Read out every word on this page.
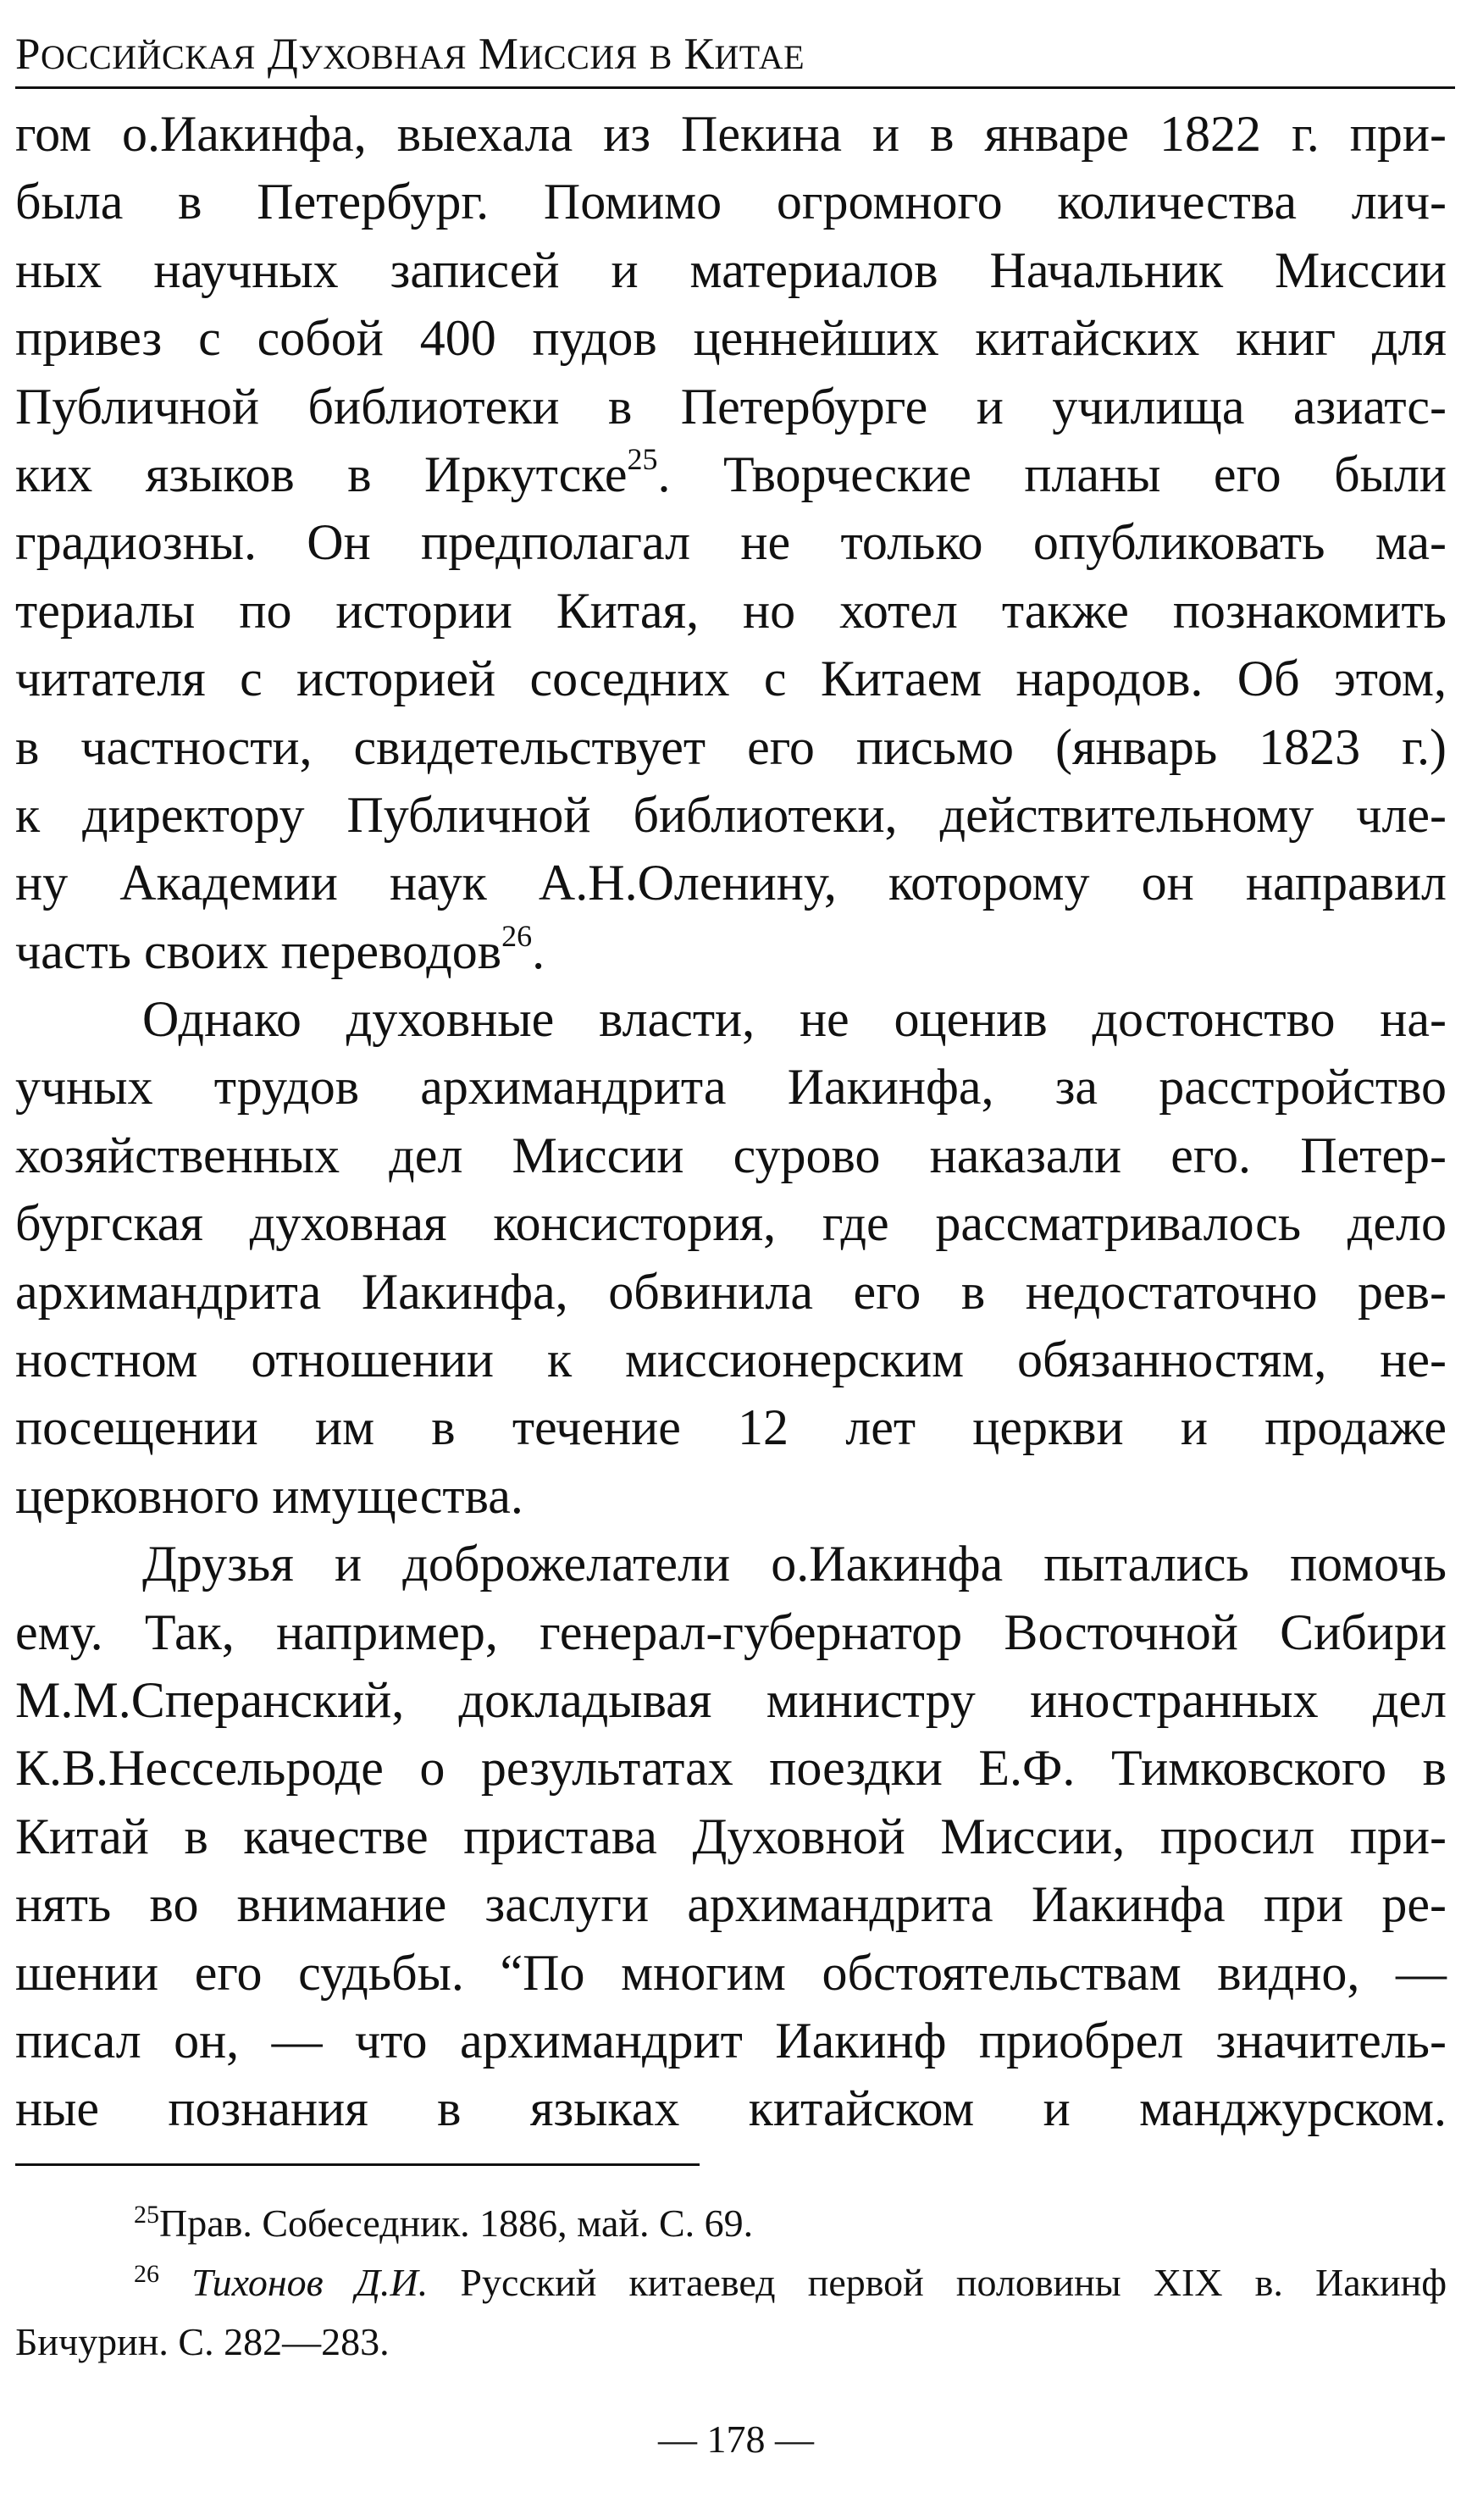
РОССИЙСКАЯ ДУХОВНАЯ МИССИЯ В КИТАЕ
гом о.Иакинфа, выехала из Пекина и в январе 1822 г. при-
была в Петербург. Помимо огромного количества лич-
ных научных записей и материалов Начальник Миссии
привез с собой 400 пудов ценнейших китайских книг для
Публичной библиотеки в Петербурге и училища азиатс-
ких языков в Иркутске$^{25}$. Творческие планы его были
градиозны. Он предполагал не только опубликовать ма-
териалы по истории Китая, но хотел также познакомить
читателя с историей соседних с Китаем народов. Об этом,
в частности, свидетельствует его письмо (январь 1823 г.)
к директору Публичной библиотеки, действительному чле-
ну Академии наук А.Н.Оленину, которому он направил
часть своих переводов$^{26}$.
Однако духовные власти, не оценив достонство на-
учных трудов архимандрита Иакинфа, за расстройство
хозяйственных дел Миссии сурово наказали его. Петер-
бургская духовная консистория, где рассматривалось дело
архимандрита Иакинфа, обвинила его в недостаточно рев-
ностном отношении к миссионерским обязанностям, не-
посещении им в течение 12 лет церкви и продаже
церковного имущества.
Друзья и доброжелатели о.Иакинфа пытались помочь
ему. Так, например, генерал-губернатор Восточной Сибири
М.М.Сперанский, докладывая министру иностранных дел
К.В.Нессельроде о результатах поездки Е.Ф. Тимковского в
Китай в качестве пристава Духовной Миссии, просил при-
нять во внимание заслуги архимандрита Иакинфа при ре-
шении его судьбы. “По многим обстоятельствам видно, —
писал он, — что архимандрит Иакинф приобрел значитель-
ные познания в языках китайском и манджурском.
$^{25}$Прав. Собеседник. 1886, май. С. 69.
$^{26}$ Тихонов Д.И. Русский китаевед первой половины XIX в. Иакинф
Бичурин. С. 282—283.
— 178 —
